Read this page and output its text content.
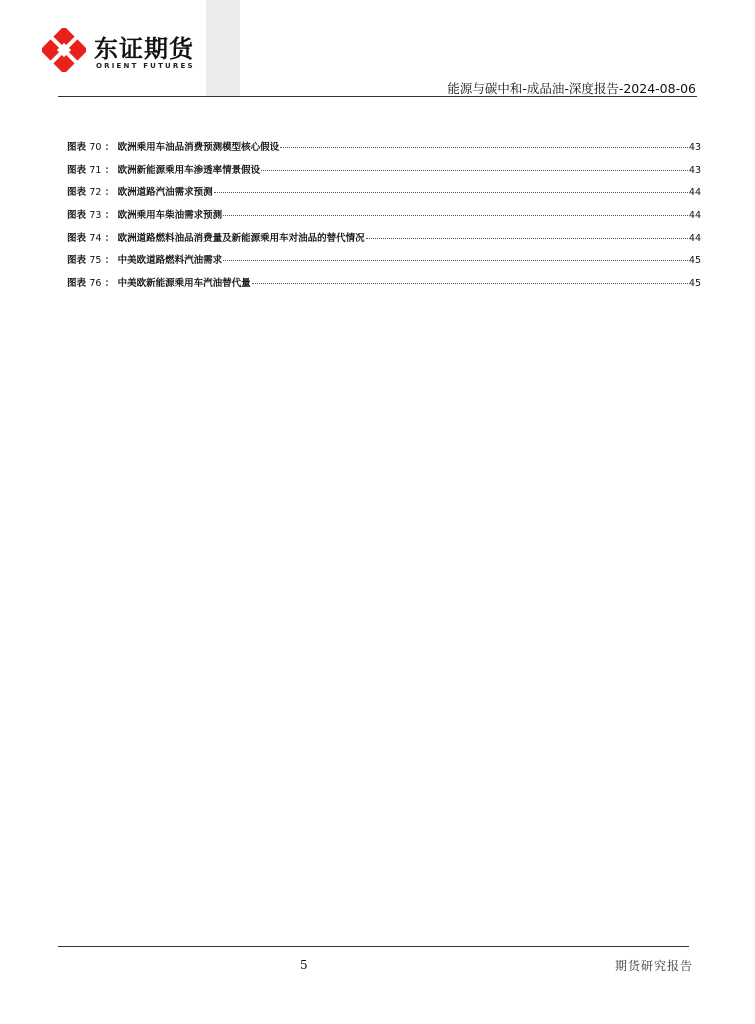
东证期货
ORIENT FUTURES
能源与碳中和-成品油-深度报告-2024-08-06
图表 70 ： 欧洲乘用车油品消费预测模型核心假设	43
图表 71 ： 欧洲新能源乘用车渗透率情景假设	43
图表 72 ： 欧洲道路汽油需求预测	44
图表 73 ： 欧洲乘用车柴油需求预测	44
图表 74 ： 欧洲道路燃料油品消费量及新能源乘用车对油品的替代情况	44
图表 75 ： 中美欧道路燃料汽油需求	45
图表 76 ： 中美欧新能源乘用车汽油替代量	45
5	期货研究报告
